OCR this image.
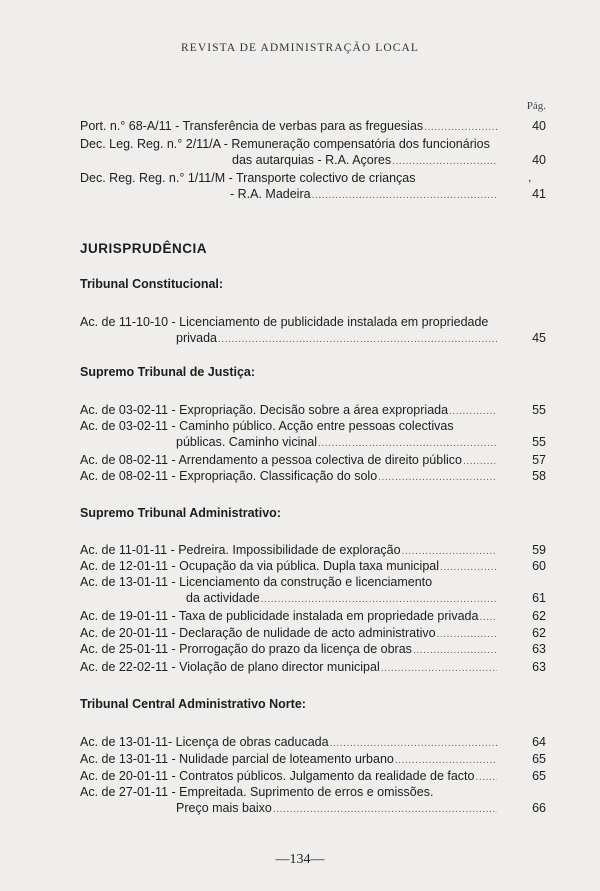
REVISTA DE ADMINISTRAÇÃO LOCAL
Pág.
Port. n.° 68-A/11 - Transferência de verbas para as freguesias .....	40
Dec. Leg. Reg. n.° 2/11/A - Remuneração compensatória dos funcionários
das autarquias - R.A. Açores .....	40
,
Dec. Reg. Reg. n.° 1/11/M - Transporte colectivo de crianças
- R.A. Madeira .....	41
JURISPRUDÊNCIA
Tribunal Constitucional:
Ac. de 11-10-10 - Licenciamento de publicidade instalada em propriedade
privada .....	45
Supremo Tribunal de Justiça:
Ac. de 03-02-11 - Expropriação. Decisão sobre a área expropriada .....	55
Ac. de 03-02-11 - Caminho público. Acção entre pessoas colectivas
públicas. Caminho vicinal .....	55
Ac. de 08-02-11 - Arrendamento a pessoa colectiva de direito público .....	57
Ac. de 08-02-11 - Expropriação. Classificação do solo .....	58
Supremo Tribunal Administrativo:
Ac. de 11-01-11 - Pedreira. Impossibilidade de exploração .....	59
Ac. de 12-01-11 - Ocupação da via pública. Dupla taxa municipal .....	60
Ac. de 13-01-11 - Licenciamento da construção e licenciamento
da actividade .....	61
Ac. de 19-01-11 - Taxa de publicidade instalada em propriedade privada .....	62
Ac. de 20-01-11 - Declaração de nulidade de acto administrativo .....	62
Ac. de 25-01-11 - Prorrogação do prazo da licença de obras .....	63
Ac. de 22-02-11 - Violação de plano director municipal .....	63
Tribunal Central Administrativo Norte:
Ac. de 13-01-11- Licença de obras caducada .....	64
Ac. de 13-01-11 - Nulidade parcial de loteamento urbano .....	65
Ac. de 20-01-11 - Contratos públicos. Julgamento da realidade de facto .....	65
Ac. de 27-01-11 - Empreitada. Suprimento de erros e omissões.
Preço mais baixo .....	66
—134—
